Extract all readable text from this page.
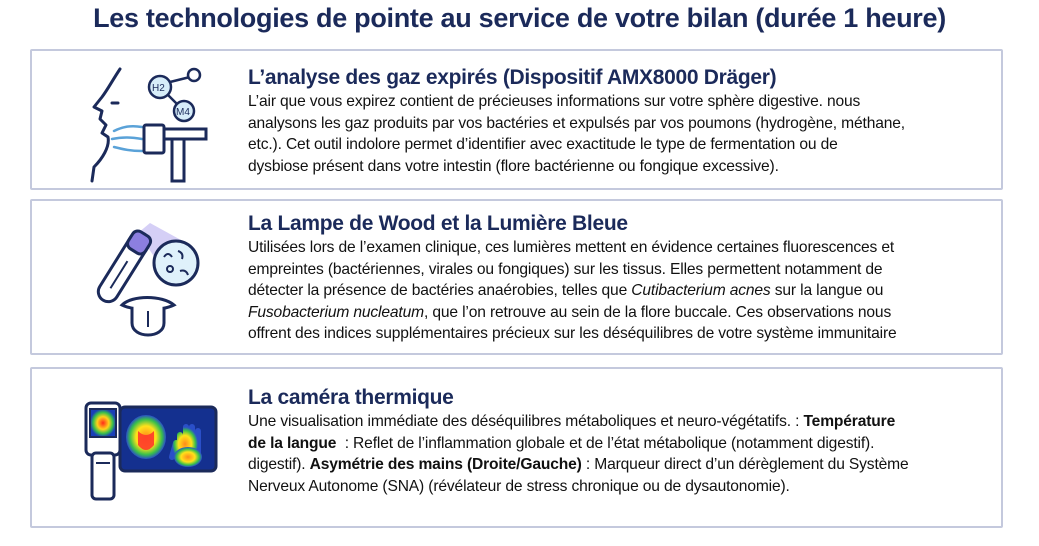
Les technologies de pointe au service de votre bilan (durée 1 heure)
H2
M4
L’analyse des gaz expirés (Dispositif AMX8000 Dräger)
L’air que vous expirez contient de précieuses informations sur votre sphère digestive. nous
analysons les gaz produits par vos bactéries et expulsés par vos poumons (hydrogène, méthane,
etc.). Cet outil indolore permet d’identifier avec exactitude le type de fermentation ou de
dysbiose présent dans votre intestin (flore bactérienne ou fongique excessive).
La Lampe de Wood et la Lumière Bleue
Utilisées lors de l’examen clinique, ces lumières mettent en évidence certaines fluorescences et
empreintes (bactériennes, virales ou fongiques) sur les tissus. Elles permettent notamment de
détecter la présence de bactéries anaérobies, telles que Cutibacterium acnes sur la langue ou
Fusobacterium nucleatum, que l’on retrouve au sein de la flore buccale. Ces observations nous
offrent des indices supplémentaires précieux sur les déséquilibres de votre système immunitaire
La caméra thermique
Une visualisation immédiate des déséquilibres métaboliques et neuro-végétatifs. : Température
de la langue  : Reflet de l’inflammation globale et de l’état métabolique (notamment digestif).
digestif). Asymétrie des mains (Droite/Gauche) : Marqueur direct d’un dérèglement du Système
Nerveux Autonome (SNA) (révélateur de stress chronique ou de dysautonomie).
